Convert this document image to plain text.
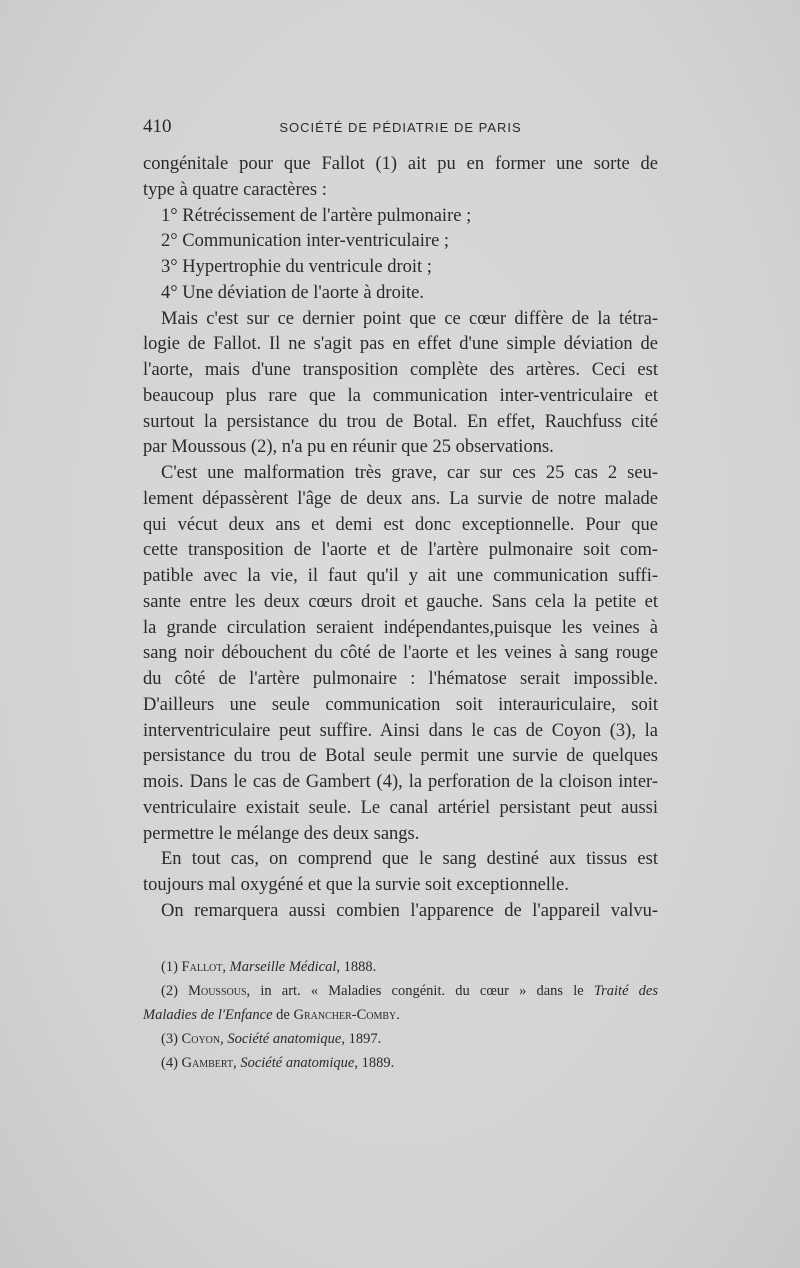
410	SOCIÉTÉ DE PÉDIATRIE DE PARIS
congénitale pour que Fallot (1) ait pu en former une sorte de
type à quatre caractères :
1° Rétrécissement de l'artère pulmonaire ;
2° Communication inter-ventriculaire ;
3° Hypertrophie du ventricule droit ;
4° Une déviation de l'aorte à droite.
Mais c'est sur ce dernier point que ce cœur diffère de la tétra-
logie de Fallot. Il ne s'agit pas en effet d'une simple déviation de
l'aorte, mais d'une transposition complète des artères. Ceci est
beaucoup plus rare que la communication inter-ventriculaire et
surtout la persistance du trou de Botal. En effet, Rauchfuss cité
par Moussous (2), n'a pu en réunir que 25 observations.
C'est une malformation très grave, car sur ces 25 cas 2 seu-
lement dépassèrent l'âge de deux ans. La survie de notre malade
qui vécut deux ans et demi est donc exceptionnelle. Pour que
cette transposition de l'aorte et de l'artère pulmonaire soit com-
patible avec la vie, il faut qu'il y ait une communication suffi-
sante entre les deux cœurs droit et gauche. Sans cela la petite et
la grande circulation seraient indépendantes,puisque les veines à
sang noir débouchent du côté de l'aorte et les veines à sang rouge
du côté de l'artère pulmonaire : l'hématose serait impossible.
D'ailleurs une seule communication soit interauriculaire, soit
interventriculaire peut suffire. Ainsi dans le cas de Coyon (3), la
persistance du trou de Botal seule permit une survie de quelques
mois. Dans le cas de Gambert (4), la perforation de la cloison inter-
ventriculaire existait seule. Le canal artériel persistant peut aussi
permettre le mélange des deux sangs.
En tout cas, on comprend que le sang destiné aux tissus est
toujours mal oxygéné et que la survie soit exceptionnelle.
On remarquera aussi combien l'apparence de l'appareil valvu-
(1) Fallot, Marseille Médical, 1888.
(2) Moussous, in art. « Maladies congénit. du cœur » dans le Traité des
Maladies de l'Enfance de Grancher-Comby.
(3) Coyon, Société anatomique, 1897.
(4) Gambert, Société anatomique, 1889.
